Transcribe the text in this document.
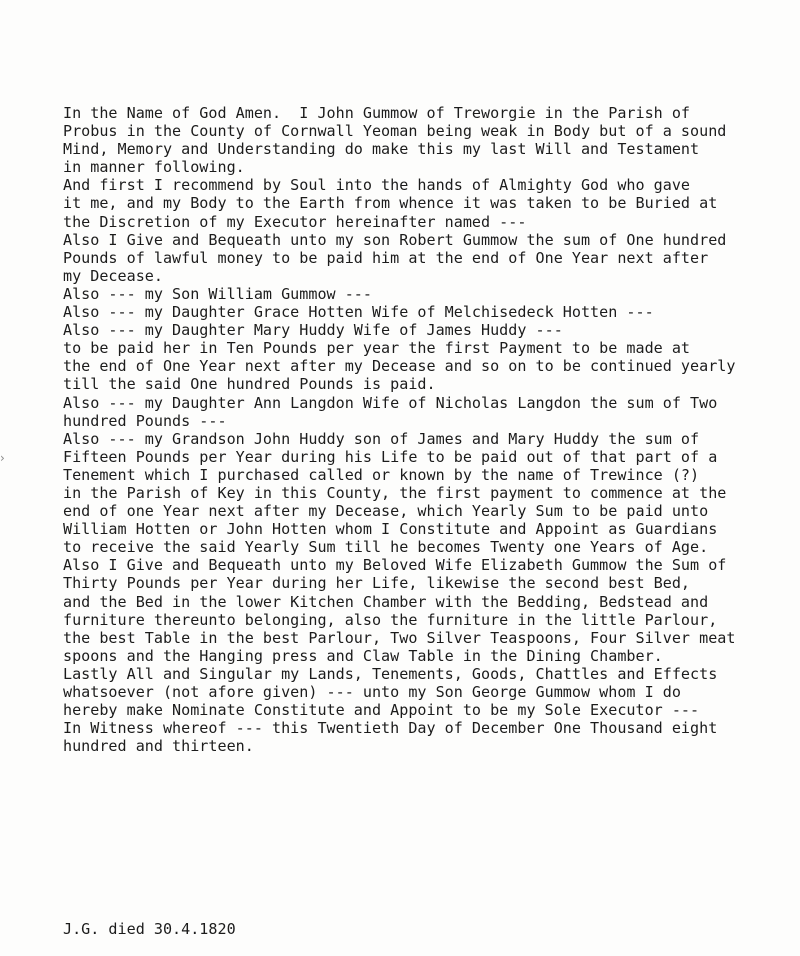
›
In the Name of God Amen.  I John Gummow of Treworgie in the Parish of
Probus in the County of Cornwall Yeoman being weak in Body but of a sound
Mind, Memory and Understanding do make this my last Will and Testament
in manner following.
And first I recommend by Soul into the hands of Almighty God who gave
it me, and my Body to the Earth from whence it was taken to be Buried at
the Discretion of my Executor hereinafter named ---
Also I Give and Bequeath unto my son Robert Gummow the sum of One hundred
Pounds of lawful money to be paid him at the end of One Year next after
my Decease.
Also --- my Son William Gummow ---
Also --- my Daughter Grace Hotten Wife of Melchisedeck Hotten ---
Also --- my Daughter Mary Huddy Wife of James Huddy ---
to be paid her in Ten Pounds per year the first Payment to be made at
the end of One Year next after my Decease and so on to be continued yearly
till the said One hundred Pounds is paid.
Also --- my Daughter Ann Langdon Wife of Nicholas Langdon the sum of Two
hundred Pounds ---
Also --- my Grandson John Huddy son of James and Mary Huddy the sum of
Fifteen Pounds per Year during his Life to be paid out of that part of a
Tenement which I purchased called or known by the name of Trewince (?)
in the Parish of Key in this County, the first payment to commence at the
end of one Year next after my Decease, which Yearly Sum to be paid unto
William Hotten or John Hotten whom I Constitute and Appoint as Guardians
to receive the said Yearly Sum till he becomes Twenty one Years of Age.
Also I Give and Bequeath unto my Beloved Wife Elizabeth Gummow the Sum of
Thirty Pounds per Year during her Life, likewise the second best Bed,
and the Bed in the lower Kitchen Chamber with the Bedding, Bedstead and
furniture thereunto belonging, also the furniture in the little Parlour,
the best Table in the best Parlour, Two Silver Teaspoons, Four Silver meat
spoons and the Hanging press and Claw Table in the Dining Chamber.
Lastly All and Singular my Lands, Tenements, Goods, Chattles and Effects
whatsoever (not afore given) --- unto my Son George Gummow whom I do
hereby make Nominate Constitute and Appoint to be my Sole Executor ---
In Witness whereof --- this Twentieth Day of December One Thousand eight
hundred and thirteen.
J.G. died 30.4.1820
